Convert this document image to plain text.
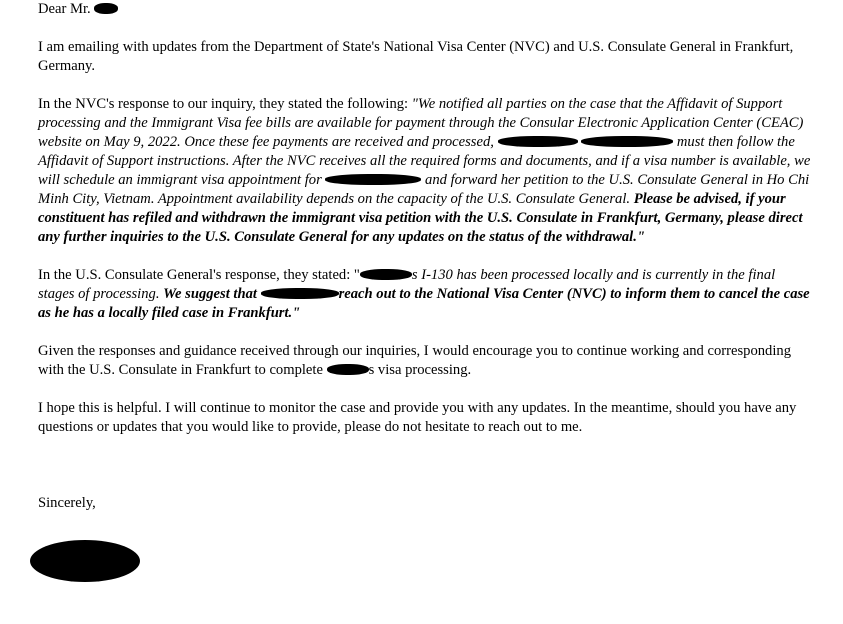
Dear Mr.

I am emailing with updates from the Department of State's National Visa Center (NVC) and U.S. Consulate General in Frankfurt, Germany.

In the NVC's response to our inquiry, they stated the following: "We notified all parties on the case that the Affidavit of Support processing and the Immigrant Visa fee bills are available for payment through the Consular Electronic Application Center (CEAC) website on May 9, 2022. Once these fee payments are received and processed,	must then follow the Affidavit of Support instructions. After the NVC receives all the required forms and documents, and if a visa number is available, we will schedule an immigrant visa appointment for	and forward her petition to the U.S. Consulate General in Ho Chi Minh City, Vietnam. Appointment availability depends on the capacity of the U.S. Consulate General. Please be advised, if your constituent has refiled and withdrawn the immigrant visa petition with the U.S. Consulate in Frankfurt, Germany, please direct any further inquiries to the U.S. Consulate General for any updates on the status of the withdrawal."

In the U.S. Consulate General's response, they stated: "	s I-130 has been processed locally and is currently in the final stages of processing. We suggest that	reach out to the National Visa Center (NVC) to inform them to cancel the case as he has a locally filed case in Frankfurt."

Given the responses and guidance received through our inquiries, I would encourage you to continue working and corresponding with the U.S. Consulate in Frankfurt to complete	s visa processing.

I hope this is helpful. I will continue to monitor the case and provide you with any updates. In the meantime, should you have any questions or updates that you would like to provide, please do not hesitate to reach out to me.

Sincerely,
